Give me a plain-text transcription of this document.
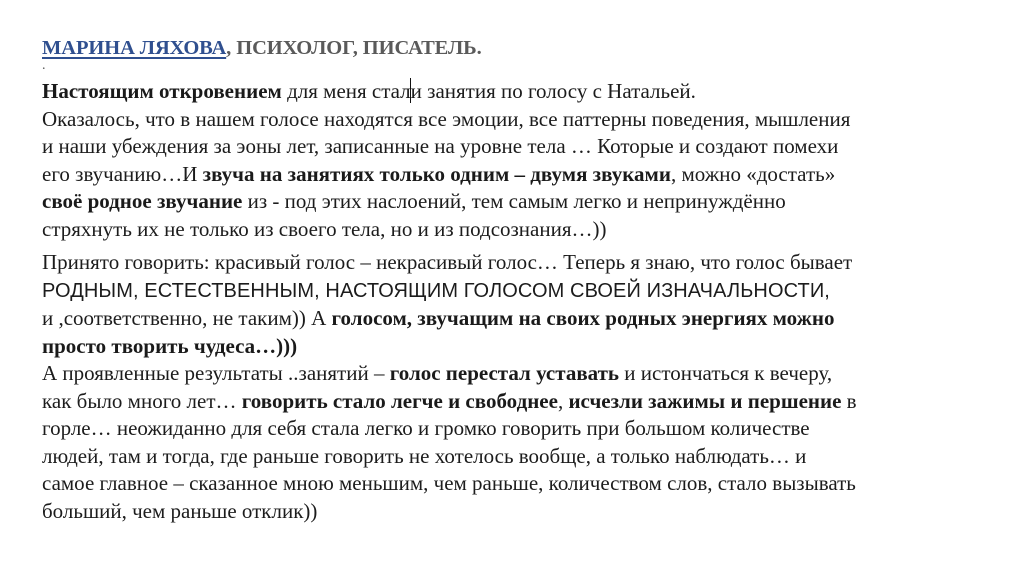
МАРИНА ЛЯХОВА, ПСИХОЛОГ, ПИСАТЕЛЬ.
.
Настоящим откровением для меня стали занятия по голосу с Натальей.
Оказалось, что в нашем голосе находятся все эмоции, все паттерны поведения, мышления
и наши убеждения за эоны лет, записанные на уровне тела … Которые и создают помехи
его звучанию…И звуча на занятиях только одним – двумя звуками, можно «достать»
своё родное звучание из - под этих наслоений, тем самым легко и непринуждённо
стряхнуть их не только из своего тела, но и из подсознания…))
Принято говорить: красивый голос – некрасивый голос… Теперь я знаю, что голос бывает
РОДНЫМ, ЕСТЕСТВЕННЫМ, НАСТОЯЩИМ ГОЛОСОМ СВОЕЙ ИЗНАЧАЛЬНОСТИ,
и ,соответственно, не таким)) А голосом, звучащим на своих родных энергиях можно
просто творить чудеса…)))
А проявленные результаты ..занятий – голос перестал уставать и истончаться к вечеру,
как было много лет… говорить стало легче и свободнее, исчезли зажимы и першение в
горле… неожиданно для себя стала легко и громко говорить при большом количестве
людей, там и тогда, где раньше говорить не хотелось вообще, а только наблюдать… и
самое главное – сказанное мною меньшим, чем раньше, количеством слов, стало вызывать
больший, чем раньше отклик))
